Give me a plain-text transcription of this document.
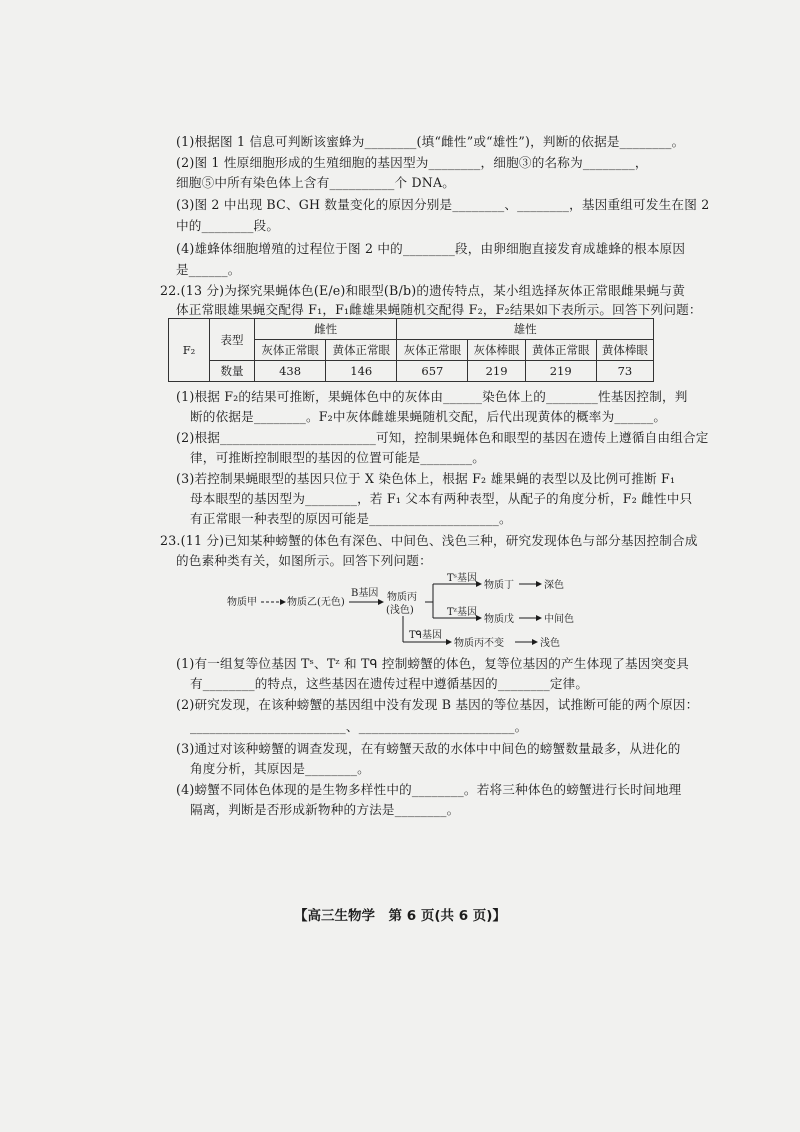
(1)根据图 1 信息可判断该蜜蜂为________(填“雌性”或“雄性”)，判断的依据是________。
(2)图 1 性原细胞形成的生殖细胞的基因型为________，细胞③的名称为________，
细胞⑤中所有染色体上含有__________个 DNA。
(3)图 2 中出现 BC、GH 数量变化的原因分别是________、________，基因重组可发生在图 2
中的________段。
(4)雄蜂体细胞增殖的过程位于图 2 中的________段，由卵细胞直接发育成雄蜂的根本原因
是______。
22.(13 分)为探究果蝇体色(E/e)和眼型(B/b)的遗传特点，某小组选择灰体正常眼雌果蝇与黄
体正常眼雄果蝇交配得 F₁，F₁雌雄果蝇随机交配得 F₂，F₂结果如下表所示。回答下列问题：
F₂	表型	雌性		雄性			
		灰体正常眼	黄体正常眼	灰体正常眼	灰体棒眼	黄体正常眼	黄体棒眼
	数量	438	146	657	219	219	73
(1)根据 F₂的结果可推断，果蝇体色中的灰体由______染色体上的________性基因控制，判
断的依据是________。F₂中灰体雌雄果蝇随机交配，后代出现黄体的概率为______。
(2)根据________________________可知，控制果蝇体色和眼型的基因在遗传上遵循自由组合定
律，可推断控制眼型的基因的位置可能是________。
(3)若控制果蝇眼型的基因只位于 X 染色体上，根据 F₂ 雄果蝇的表型以及比例可推断 F₁
母本眼型的基因型为________，若 F₁ 父本有两种表型，从配子的角度分析，F₂ 雌性中只
有正常眼一种表型的原因可能是____________________。
23.(11 分)已知某种螃蟹的体色有深色、中间色、浅色三种，研究发现体色与部分基因控制合成
的色素种类有关，如图所示。回答下列问题：
物质甲	物质乙(无色)
B基因 物质丙
(浅色)
Tˢ基因
物质丁	深色
Tᶻ基因
物质戊	中间色
Tᑫ基因
物质丙不变	浅色
(1)有一组复等位基因 Tˢ、Tᶻ 和 Tᑫ 控制螃蟹的体色，复等位基因的产生体现了基因突变具
有________的特点，这些基因在遗传过程中遵循基因的________定律。
(2)研究发现，在该种螃蟹的基因组中没有发现 B 基因的等位基因，试推断可能的两个原因：
________________________、________________________。
(3)通过对该种螃蟹的调查发现，在有螃蟹天敌的水体中中间色的螃蟹数量最多，从进化的
角度分析，其原因是________。
(4)螃蟹不同体色体现的是生物多样性中的________。若将三种体色的螃蟹进行长时间地理
隔离，判断是否形成新物种的方法是________。
【高三生物学　第 6 页(共 6 页)】
